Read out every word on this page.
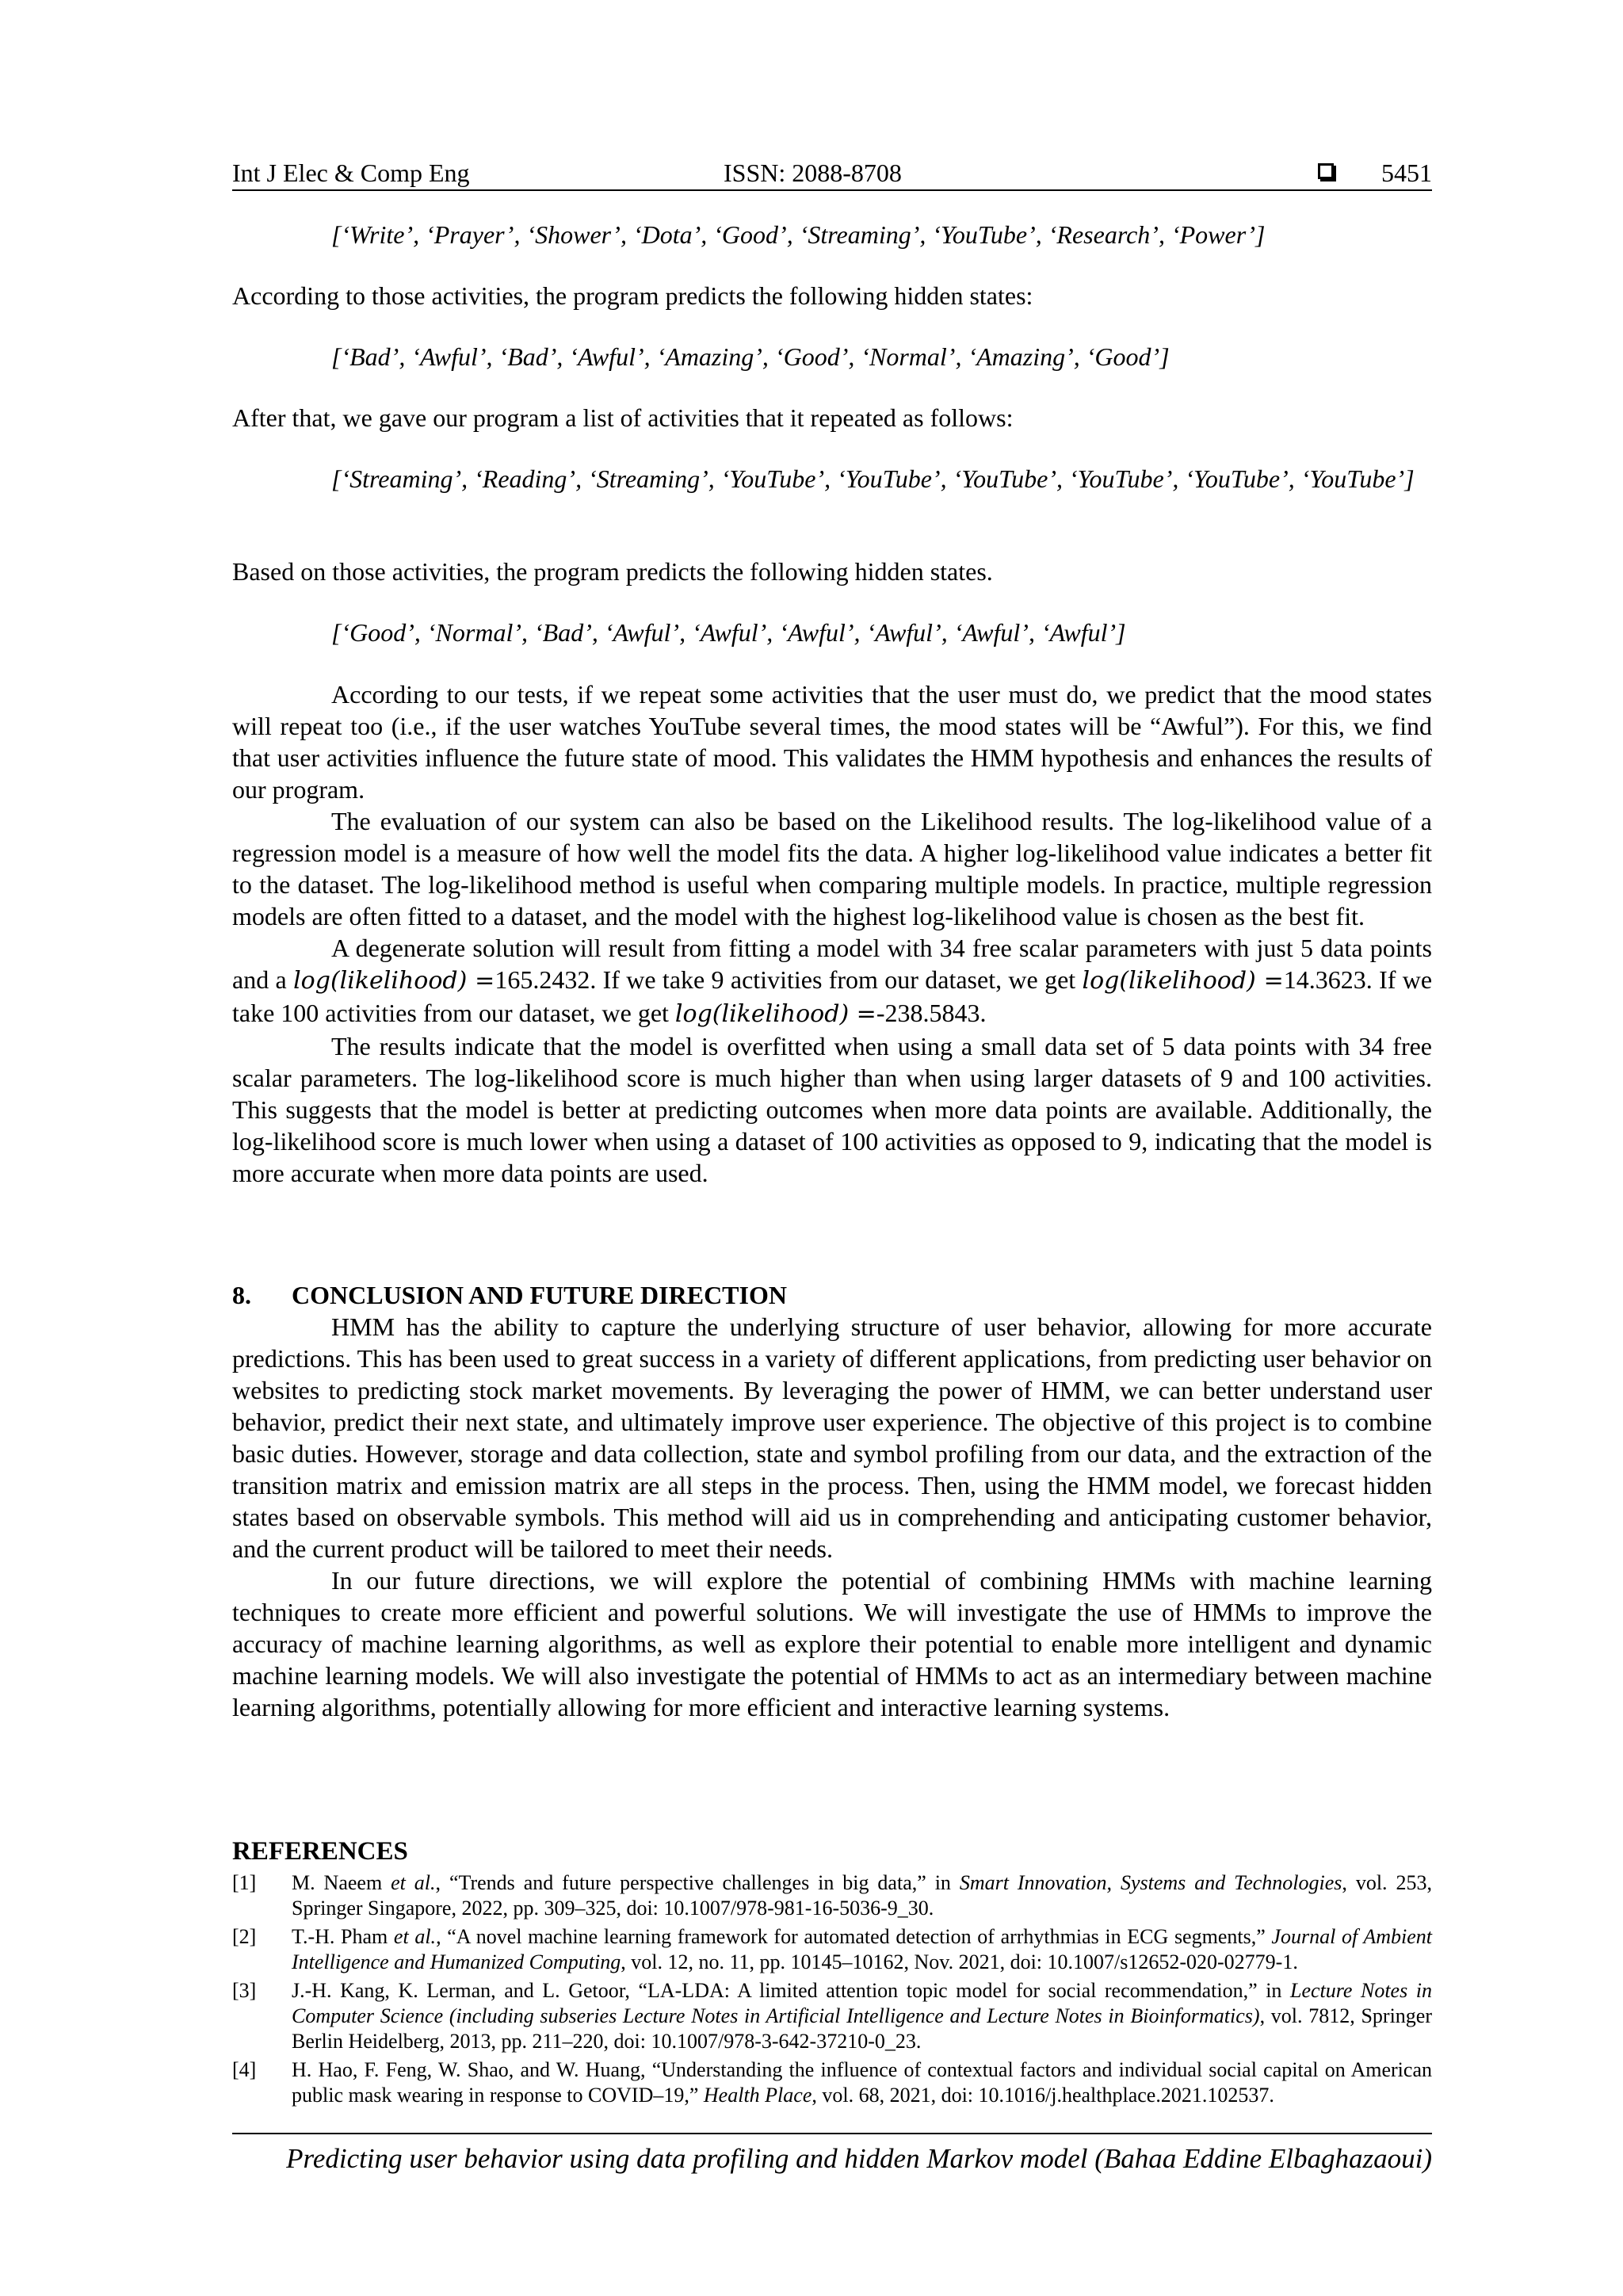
Int J Elec & Comp Eng	ISSN: 2088-8708	5451
[‘Write’, ‘Prayer’, ‘Shower’, ‘Dota’, ‘Good’, ‘Streaming’, ‘YouTube’, ‘Research’, ‘Power’]
According to those activities, the program predicts the following hidden states:
[‘Bad’, ‘Awful’, ‘Bad’, ‘Awful’, ‘Amazing’, ‘Good’, ‘Normal’, ‘Amazing’, ‘Good’]
After that, we gave our program a list of activities that it repeated as follows:
[‘Streaming’, ‘Reading’, ‘Streaming’, ‘YouTube’, ‘YouTube’, ‘YouTube’, ‘YouTube’, ‘YouTube’, ‘YouTube’]
Based on those activities, the program predicts the following hidden states.
[‘Good’, ‘Normal’, ‘Bad’, ‘Awful’, ‘Awful’, ‘Awful’, ‘Awful’, ‘Awful’, ‘Awful’]

According to our tests, if we repeat some activities that the user must do, we predict that the mood states will repeat too (i.e., if the user watches YouTube several times, the mood states will be “Awful”). For this, we find that user activities influence the future state of mood. This validates the HMM hypothesis and enhances the results of our program.

The evaluation of our system can also be based on the Likelihood results. The log-likelihood value of a regression model is a measure of how well the model fits the data. A higher log-likelihood value indicates a better fit to the dataset. The log-likelihood method is useful when comparing multiple models. In practice, multiple regression models are often fitted to a dataset, and the model with the highest log-likelihood value is chosen as the best fit.

A degenerate solution will result from fitting a model with 34 free scalar parameters with just 5 data points and a log(likelihood) =165.2432. If we take 9 activities from our dataset, we get log(likelihood) =14.3623. If we take 100 activities from our dataset, we get log(likelihood) =-238.5843.

The results indicate that the model is overfitted when using a small data set of 5 data points with 34 free scalar parameters. The log-likelihood score is much higher than when using larger datasets of 9 and 100 activities. This suggests that the model is better at predicting outcomes when more data points are available. Additionally, the log-likelihood score is much lower when using a dataset of 100 activities as opposed to 9, indicating that the model is more accurate when more data points are used.

8. CONCLUSION AND FUTURE DIRECTION

HMM has the ability to capture the underlying structure of user behavior, allowing for more accurate predictions. This has been used to great success in a variety of different applications, from predicting user behavior on websites to predicting stock market movements. By leveraging the power of HMM, we can better understand user behavior, predict their next state, and ultimately improve user experience. The objective of this project is to combine basic duties. However, storage and data collection, state and symbol profiling from our data, and the extraction of the transition matrix and emission matrix are all steps in the process. Then, using the HMM model, we forecast hidden states based on observable symbols. This method will aid us in comprehending and anticipating customer behavior, and the current product will be tailored to meet their needs.

In our future directions, we will explore the potential of combining HMMs with machine learning techniques to create more efficient and powerful solutions. We will investigate the use of HMMs to improve the accuracy of machine learning algorithms, as well as explore their potential to enable more intelligent and dynamic machine learning models. We will also investigate the potential of HMMs to act as an intermediary between machine learning algorithms, potentially allowing for more efficient and interactive learning systems.

REFERENCES
[1] M. Naeem et al., “Trends and future perspective challenges in big data,” in Smart Innovation, Systems and Technologies, vol. 253, Springer Singapore, 2022, pp. 309–325, doi: 10.1007/978-981-16-5036-9_30.
[2] T.-H. Pham et al., “A novel machine learning framework for automated detection of arrhythmias in ECG segments,” Journal of Ambient Intelligence and Humanized Computing, vol. 12, no. 11, pp. 10145–10162, Nov. 2021, doi: 10.1007/s12652-020-02779-1.
[3] J.-H. Kang, K. Lerman, and L. Getoor, “LA-LDA: A limited attention topic model for social recommendation,” in Lecture Notes in Computer Science (including subseries Lecture Notes in Artificial Intelligence and Lecture Notes in Bioinformatics), vol. 7812, Springer Berlin Heidelberg, 2013, pp. 211–220, doi: 10.1007/978-3-642-37210-0_23.
[4] H. Hao, F. Feng, W. Shao, and W. Huang, “Understanding the influence of contextual factors and individual social capital on American public mask wearing in response to COVID–19,” Health Place, vol. 68, 2021, doi: 10.1016/j.healthplace.2021.102537.
Predicting user behavior using data profiling and hidden Markov model (Bahaa Eddine Elbaghazaoui)
